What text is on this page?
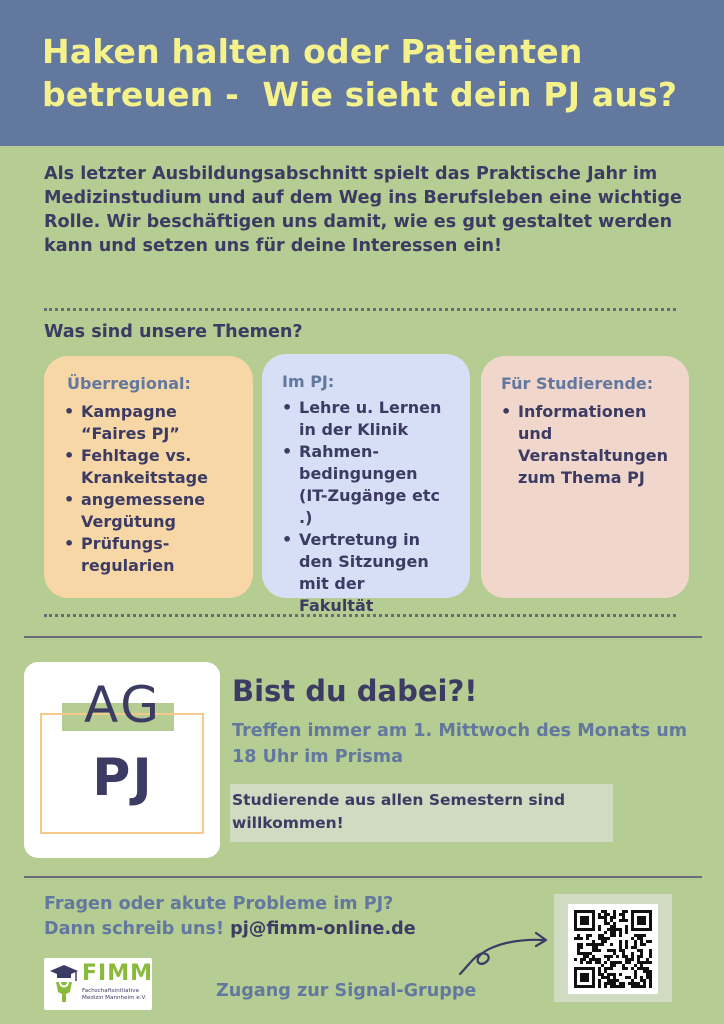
Haken halten oder Patienten
betreuen -  Wie sieht dein PJ aus?

Als letzter Ausbildungsabschnitt spielt das Praktische Jahr im Medizinstudium und auf dem Weg ins Berufsleben eine wichtige Rolle. Wir beschäftigen uns damit, wie es gut gestaltet werden kann und setzen uns für deine Interessen ein!

Was sind unsere Themen?
Überregional:
• Kampagne “Faires PJ”
• Fehltage vs. Krankeitstage
• angemessene Vergütung
• Prüfungs-regularien
Im PJ:
• Lehre u. Lernen in der Klinik
• Rahmen-bedingungen (IT-Zugänge etc .)
• Vertretung in den Sitzungen mit der Fakultät
Für Studierende:
• Informationen und Veranstaltungen zum Thema PJ
AG
PJ
Bist du dabei?!

Treffen immer am 1. Mittwoch des Monats um 18 Uhr im Prisma

Studierende aus allen Semestern sind willkommen!

Fragen oder akute Probleme im PJ?
Dann schreib uns! pj@fimm-online.de
FIMM
Fachschaftsinitiative Medizin Mannheim e.V.	Zugang zur Signal-Gruppe
